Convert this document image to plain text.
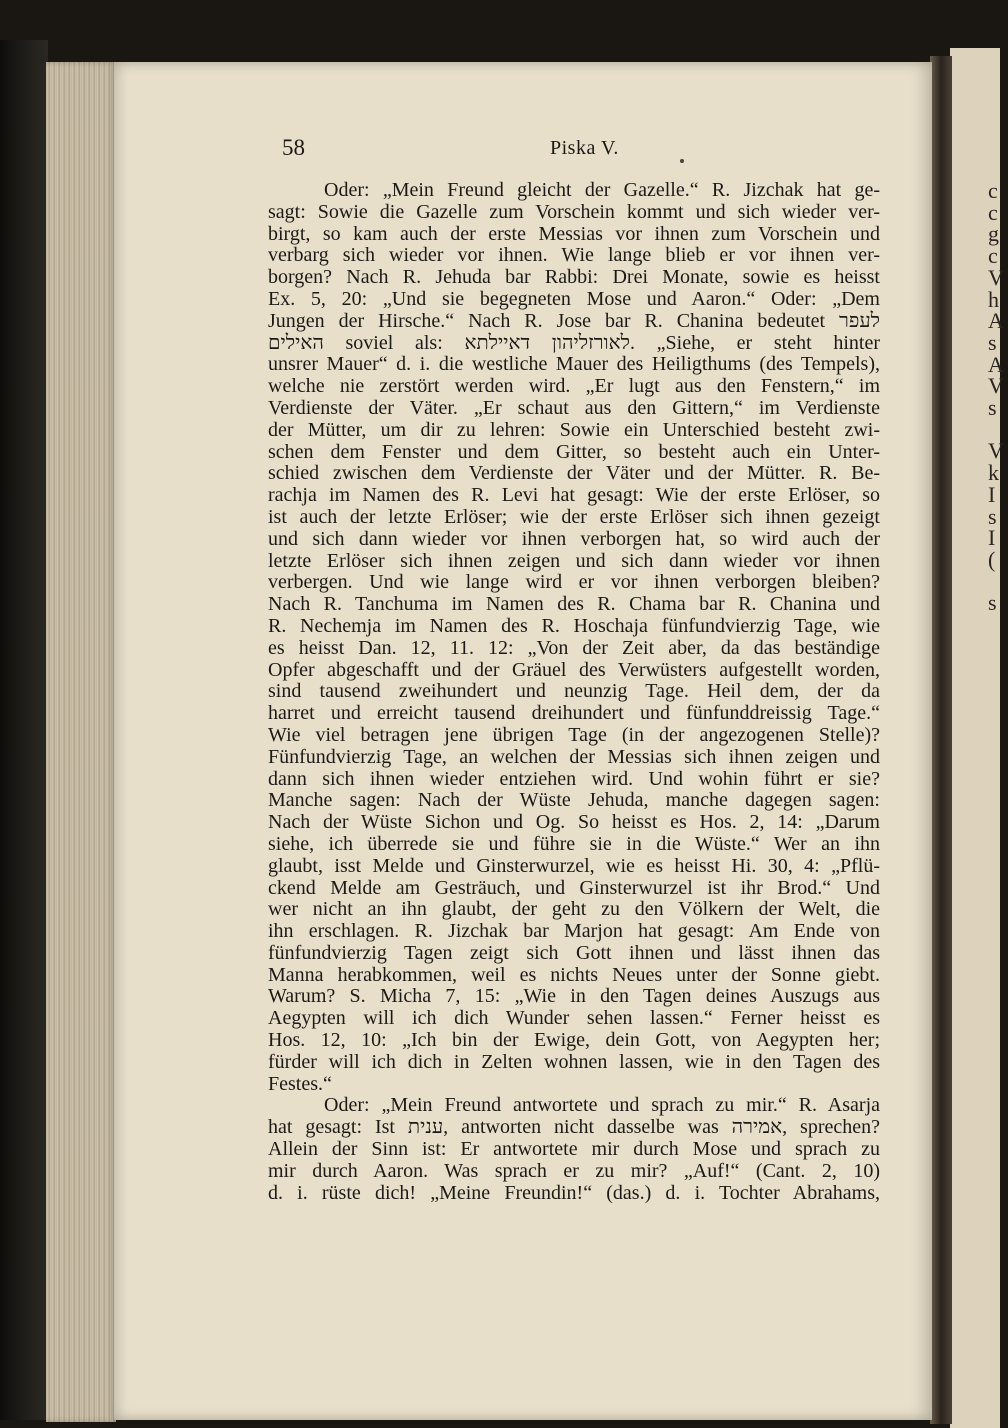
c
c
g
c
V
h
A
s
A
V
s

V
k
I
s
I
(

s
58	Piska V.
Oder: „Mein Freund gleicht der Gazelle.“ R. Jizchak hat ge-
sagt: Sowie die Gazelle zum Vorschein kommt und sich wieder ver-
birgt, so kam auch der erste Messias vor ihnen zum Vorschein und
verbarg sich wieder vor ihnen. Wie lange blieb er vor ihnen ver-
borgen? Nach R. Jehuda bar Rabbi: Drei Monate, sowie es heisst
Ex. 5, 20: „Und sie begegneten Mose und Aaron.“ Oder: „Dem
Jungen der Hirsche.“ Nach R. Jose bar R. Chanina bedeutet לעפר
האילים soviel als: לאורזליהון דאיילתא. „Siehe, er steht hinter
unsrer Mauer“ d. i. die westliche Mauer des Heiligthums (des Tempels),
welche nie zerstört werden wird. „Er lugt aus den Fenstern,“ im
Verdienste der Väter. „Er schaut aus den Gittern,“ im Verdienste
der Mütter, um dir zu lehren: Sowie ein Unterschied besteht zwi-
schen dem Fenster und dem Gitter, so besteht auch ein Unter-
schied zwischen dem Verdienste der Väter und der Mütter. R. Be-
rachja im Namen des R. Levi hat gesagt: Wie der erste Erlöser, so
ist auch der letzte Erlöser; wie der erste Erlöser sich ihnen gezeigt
und sich dann wieder vor ihnen verborgen hat, so wird auch der
letzte Erlöser sich ihnen zeigen und sich dann wieder vor ihnen
verbergen. Und wie lange wird er vor ihnen verborgen bleiben?
Nach R. Tanchuma im Namen des R. Chama bar R. Chanina und
R. Nechemja im Namen des R. Hoschaja fünfundvierzig Tage, wie
es heisst Dan. 12, 11. 12: „Von der Zeit aber, da das beständige
Opfer abgeschafft und der Gräuel des Verwüsters aufgestellt worden,
sind tausend zweihundert und neunzig Tage. Heil dem, der da
harret und erreicht tausend dreihundert und fünfunddreissig Tage.“
Wie viel betragen jene übrigen Tage (in der angezogenen Stelle)?
Fünfundvierzig Tage, an welchen der Messias sich ihnen zeigen und
dann sich ihnen wieder entziehen wird. Und wohin führt er sie?
Manche sagen: Nach der Wüste Jehuda, manche dagegen sagen:
Nach der Wüste Sichon und Og. So heisst es Hos. 2, 14: „Darum
siehe, ich überrede sie und führe sie in die Wüste.“ Wer an ihn
glaubt, isst Melde und Ginsterwurzel, wie es heisst Hi. 30, 4: „Pflü-
ckend Melde am Gesträuch, und Ginsterwurzel ist ihr Brod.“ Und
wer nicht an ihn glaubt, der geht zu den Völkern der Welt, die
ihn erschlagen. R. Jizchak bar Marjon hat gesagt: Am Ende von
fünfundvierzig Tagen zeigt sich Gott ihnen und lässt ihnen das
Manna herabkommen, weil es nichts Neues unter der Sonne giebt.
Warum? S. Micha 7, 15: „Wie in den Tagen deines Auszugs aus
Aegypten will ich dich Wunder sehen lassen.“ Ferner heisst es
Hos. 12, 10: „Ich bin der Ewige, dein Gott, von Aegypten her;
fürder will ich dich in Zelten wohnen lassen, wie in den Tagen des
Festes.“
Oder: „Mein Freund antwortete und sprach zu mir.“ R. Asarja
hat gesagt: Ist ענית, antworten nicht dasselbe was אמירה, sprechen?
Allein der Sinn ist: Er antwortete mir durch Mose und sprach zu
mir durch Aaron. Was sprach er zu mir? „Auf!“ (Cant. 2, 10)
d. i. rüste dich! „Meine Freundin!“ (das.) d. i. Tochter Abrahams,
